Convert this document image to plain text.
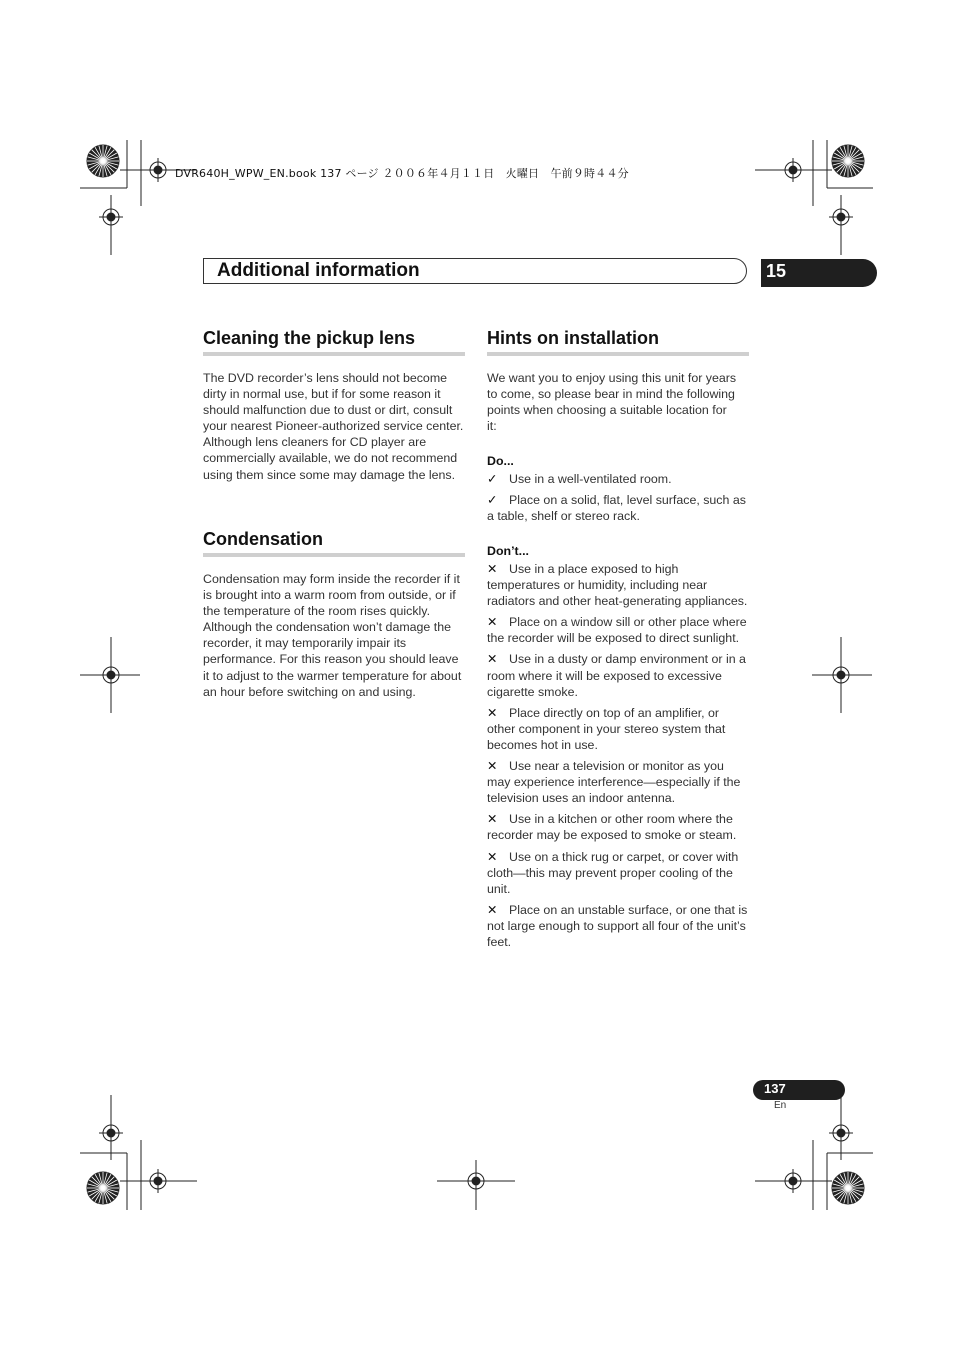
DVR640H_WPW_EN.book 137 ページ ２００６年４月１１日　火曜日　午前９時４４分
Additional information	15
Cleaning the pickup lens
The DVD recorder’s lens should not become dirty in normal use, but if for some reason it should malfunction due to dust or dirt, consult your nearest Pioneer-authorized service center. Although lens cleaners for CD player are commercially available, we do not recommend using them since some may damage the lens.
Condensation
Condensation may form inside the recorder if it is brought into a warm room from outside, or if the temperature of the room rises quickly. Although the condensation won’t damage the recorder, it may temporarily impair its performance. For this reason you should leave it to adjust to the warmer temperature for about an hour before switching on and using.
Hints on installation
We want you to enjoy using this unit for years to come, so please bear in mind the following points when choosing a suitable location for it:
Do...
✓ Use in a well-ventilated room.
✓ Place on a solid, flat, level surface, such as a table, shelf or stereo rack.
Don’t...
✕ Use in a place exposed to high temperatures or humidity, including near radiators and other heat-generating appliances.
✕ Place on a window sill or other place where the recorder will be exposed to direct sunlight.
✕ Use in a dusty or damp environment or in a room where it will be exposed to excessive cigarette smoke.
✕ Place directly on top of an amplifier, or other component in your stereo system that becomes hot in use.
✕ Use near a television or monitor as you may experience interference—especially if the television uses an indoor antenna.
✕ Use in a kitchen or other room where the recorder may be exposed to smoke or steam.
✕ Use on a thick rug or carpet, or cover with cloth—this may prevent proper cooling of the unit.
✕ Place on an unstable surface, or one that is not large enough to support all four of the unit’s feet.
137
En
